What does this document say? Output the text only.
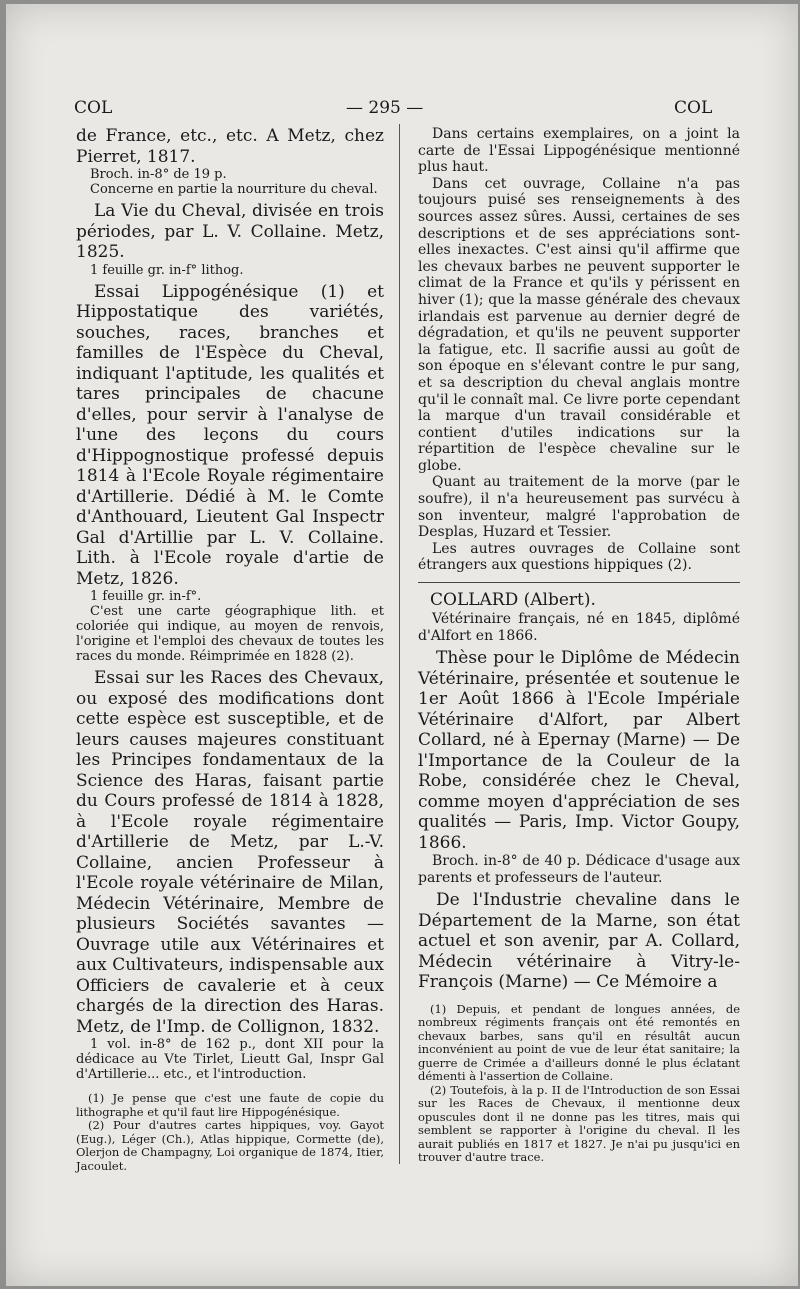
COL	— 295 —	COL

de France, etc., etc. A Metz, chez Pierret, 1817.

Broch. in-8° de 19 p.

Concerne en partie la nourriture du cheval.

La Vie du Cheval, divisée en trois périodes, par L. V. Collaine. Metz, 1825.

1 feuille gr. in-f° lithog.

Essai Lippogénésique (1) et Hippostatique des variétés, souches, races, branches et familles de l'Espèce du Cheval, indiquant l'aptitude, les qualités et tares principales de chacune d'elles, pour servir à l'analyse de l'une des leçons du cours d'Hippognostique professé depuis 1814 à l'Ecole Royale régimentaire d'Artillerie. Dédié à M. le Comte d'Anthouard, Lieutent Gal Inspectr Gal d'Artillie par L. V. Collaine. Lith. à l'Ecole royale d'artie de Metz, 1826.

1 feuille gr. in-f°.

C'est une carte géographique lith. et coloriée qui indique, au moyen de renvois, l'origine et l'emploi des chevaux de toutes les races du monde. Réimprimée en 1828 (2).

Essai sur les Races des Chevaux, ou exposé des modifications dont cette espèce est susceptible, et de leurs causes majeures constituant les Principes fondamentaux de la Science des Haras, faisant partie du Cours professé de 1814 à 1828, à l'Ecole royale régimentaire d'Artillerie de Metz, par L.-V. Collaine, ancien Professeur à l'Ecole royale vétérinaire de Milan, Médecin Vétérinaire, Membre de plusieurs Sociétés savantes — Ouvrage utile aux Vétérinaires et aux Cultivateurs, indispensable aux Officiers de cavalerie et à ceux chargés de la direction des Haras. Metz, de l'Imp. de Collignon, 1832.

1 vol. in-8° de 162 p., dont XII pour la dédicace au Vte Tirlet, Lieutt Gal, Inspr Gal d'Artillerie... etc., et l'introduction.

(1) Je pense que c'est une faute de copie du lithographe et qu'il faut lire Hippogénésique.

(2) Pour d'autres cartes hippiques, voy. Gayot (Eug.), Léger (Ch.), Atlas hippique, Cormette (de), Olerjon de Champagny, Loi organique de 1874, Itier, Jacoulet.

Dans certains exemplaires, on a joint la carte de l'Essai Lippogénésique mentionné plus haut.

Dans cet ouvrage, Collaine n'a pas toujours puisé ses renseignements à des sources assez sûres. Aussi, certaines de ses descriptions et de ses appréciations sont-elles inexactes. C'est ainsi qu'il affirme que les chevaux barbes ne peuvent supporter le climat de la France et qu'ils y périssent en hiver (1); que la masse générale des chevaux irlandais est parvenue au dernier degré de dégradation, et qu'ils ne peuvent supporter la fatigue, etc. Il sacrifie aussi au goût de son époque en s'élevant contre le pur sang, et sa description du cheval anglais montre qu'il le connaît mal. Ce livre porte cependant la marque d'un travail considérable et contient d'utiles indications sur la répartition de l'espèce chevaline sur le globe.

Quant au traitement de la morve (par le soufre), il n'a heureusement pas survécu à son inventeur, malgré l'approbation de Desplas, Huzard et Tessier.

Les autres ouvrages de Collaine sont étrangers aux questions hippiques (2).

COLLARD (Albert).

Vétérinaire français, né en 1845, diplômé d'Alfort en 1866.

Thèse pour le Diplôme de Médecin Vétérinaire, présentée et soutenue le 1er Août 1866 à l'Ecole Impériale Vétérinaire d'Alfort, par Albert Collard, né à Epernay (Marne) — De l'Importance de la Couleur de la Robe, considérée chez le Cheval, comme moyen d'appréciation de ses qualités — Paris, Imp. Victor Goupy, 1866.

Broch. in-8° de 40 p. Dédicace d'usage aux parents et professeurs de l'auteur.

De l'Industrie chevaline dans le Département de la Marne, son état actuel et son avenir, par A. Collard, Médecin vétérinaire à Vitry-le-François (Marne) — Ce Mémoire a

(1) Depuis, et pendant de longues années, de nombreux régiments français ont été remontés en chevaux barbes, sans qu'il en résultât aucun inconvénient au point de vue de leur état sanitaire; la guerre de Crimée a d'ailleurs donné le plus éclatant démenti à l'assertion de Collaine.

(2) Toutefois, à la p. II de l'Introduction de son Essai sur les Races de Chevaux, il mentionne deux opuscules dont il ne donne pas les titres, mais qui semblent se rapporter à l'origine du cheval. Il les aurait publiés en 1817 et 1827. Je n'ai pu jusqu'ici en trouver d'autre trace.
